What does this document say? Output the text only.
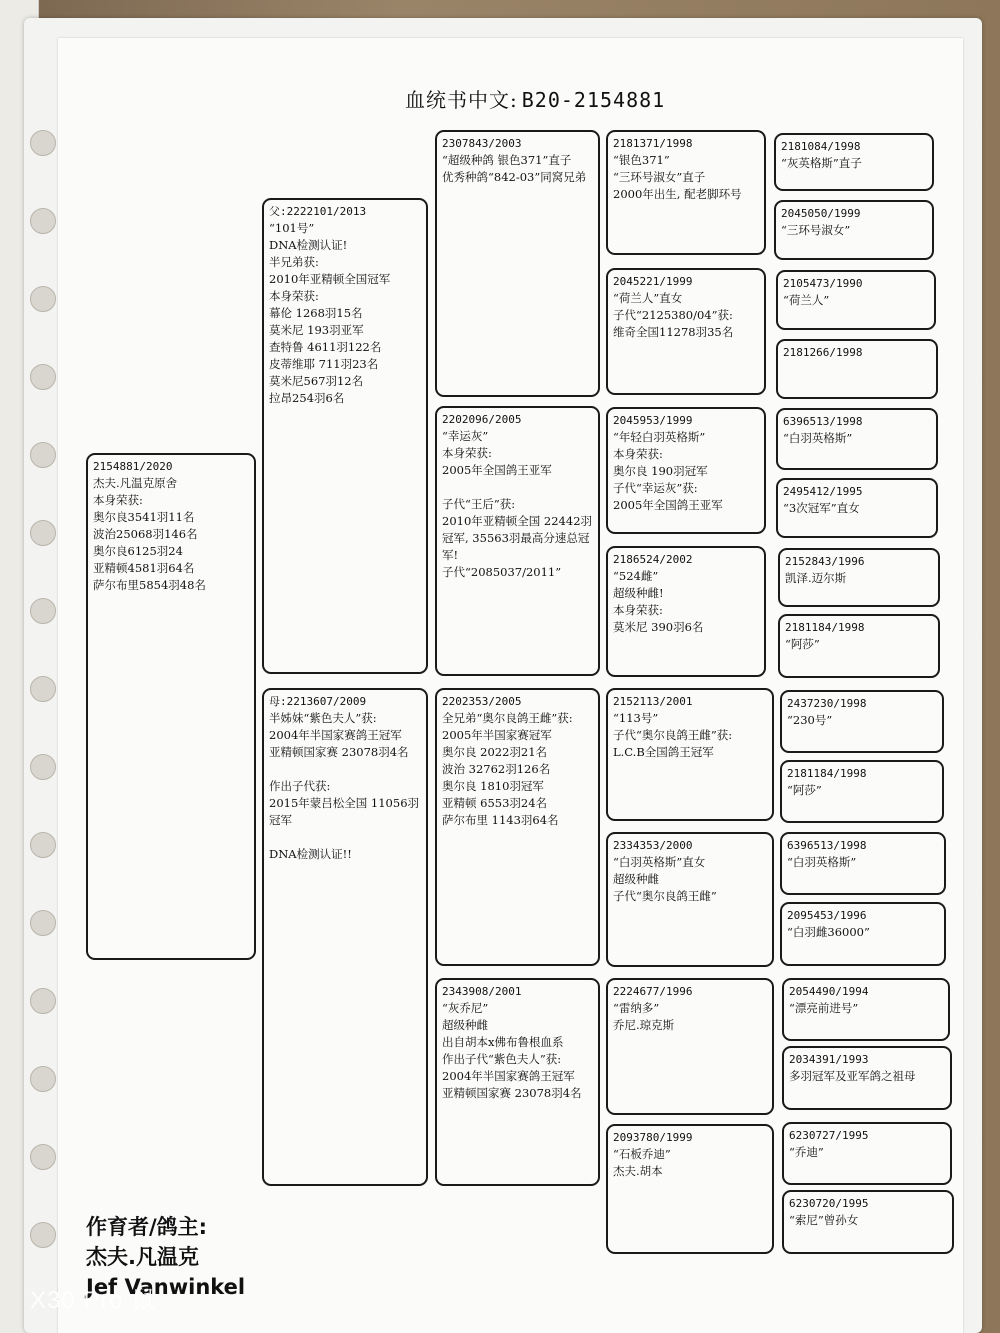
血统书中文: B20-2154881
2154881/2020
杰夫.凡温克原舍
本身荣获:
奥尔良3541羽11名
波治25068羽146名
奥尔良6125羽24
亚精顿4581羽64名
萨尔布里5854羽48名
父:2222101/2013
“101号”
DNA检测认证!
半兄弟获:
2010年亚精顿全国冠军
本身荣获:
幕伦 1268羽15名
莫米尼 193羽亚军
查特鲁 4611羽122名
皮蒂维耶 711羽23名
莫米尼567羽12名
拉昂254羽6名
母:2213607/2009
半姊妹“紫色夫人”获:
2004年半国家赛鸽王冠军
亚精顿国家赛 23078羽4名

作出子代获:
2015年蒙吕松全国 11056羽冠军

DNA检测认证!!
2307843/2003
“超级种鸽 银色371”直子
优秀种鸽“842-03”同窝兄弟
2202096/2005
“幸运灰”
本身荣获:
2005年全国鸽王亚军

子代“王后”获:
2010年亚精顿全国 22442羽冠军, 35563羽最高分速总冠军!
子代“2085037/2011”
2202353/2005
全兄弟“奥尔良鸽王雌”获:
2005年半国家赛冠军
奥尔良 2022羽21名
波治 32762羽126名
奥尔良 1810羽冠军
亚精顿 6553羽24名
萨尔布里 1143羽64名
2343908/2001
“灰乔尼”
超级种雌
出自胡本x佛布鲁根血系
作出子代“紫色夫人”获:
2004年半国家赛鸽王冠军
亚精顿国家赛 23078羽4名
2181371/1998
“银色371”
“三环号淑女”直子
2000年出生, 配老脚环号
2045221/1999
“荷兰人”直女
子代“2125380/04”获:
维奇全国11278羽35名
2045953/1999
“年轻白羽英格斯”
本身荣获:
奥尔良 190羽冠军
子代“幸运灰”获:
2005年全国鸽王亚军
2186524/2002
“524雌”
超级种雌!
本身荣获:
莫米尼 390羽6名
2152113/2001
“113号”
子代“奥尔良鸽王雌”获:
L.C.B全国鸽王冠军
2334353/2000
“白羽英格斯”直女
超级种雌
子代“奥尔良鸽王雌”
2224677/1996
“雷纳多”
乔尼.琼克斯
2093780/1999
“石板乔迪”
杰夫.胡本
2181084/1998
“灰英格斯”直子
2045050/1999
“三环号淑女”
2105473/1990
“荷兰人”
2181266/1998
6396513/1998
“白羽英格斯”
2495412/1995
“3次冠军”直女
2152843/1996
凯泽.迈尔斯
2181184/1998
“阿莎”
2437230/1998
“230号”
2181184/1998
“阿莎”
6396513/1998
“白羽英格斯”
2095453/1996
“白羽雌36000”
2054490/1994
“漂亮前进号”
2034391/1993
多羽冠军及亚军鸽之祖母
6230727/1995
“乔迪”
6230720/1995
“索尼”曾孙女
作育者/鸽主:
杰夫.凡温克
Jef Vanwinkel
X30 Pro 鼠
